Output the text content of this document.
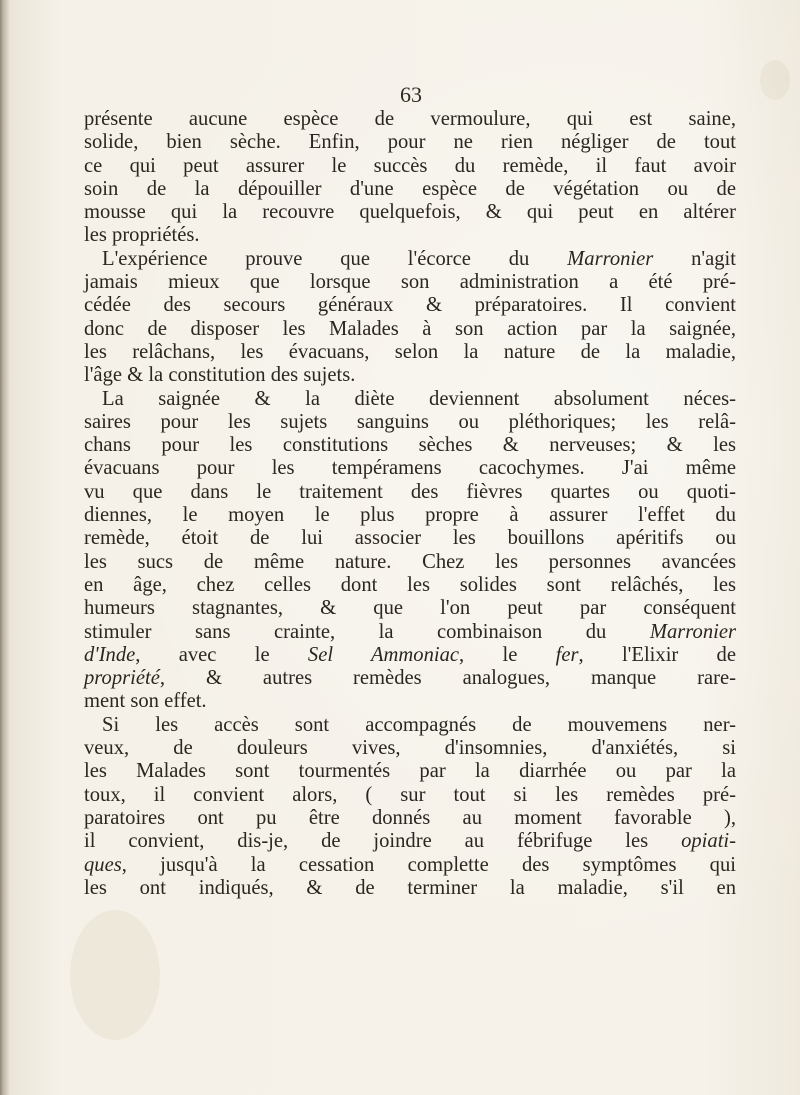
63
présente aucune espèce de vermoulure, qui est saine,
solide, bien sèche. Enfin, pour ne rien négliger de tout
ce qui peut assurer le succès du remède, il faut avoir
soin de la dépouiller d'une espèce de végétation ou de
mousse qui la recouvre quelquefois, & qui peut en altérer
les propriétés.
L'expérience prouve que l'écorce du Marronier n'agit
jamais mieux que lorsque son administration a été pré-
cédée des secours généraux & préparatoires. Il convient
donc de disposer les Malades à son action par la saignée,
les relâchans, les évacuans, selon la nature de la maladie,
l'âge & la constitution des sujets.
La saignée & la diète deviennent absolument néces-
saires pour les sujets sanguins ou pléthoriques; les relâ-
chans pour les constitutions sèches & nerveuses; & les
évacuans pour les tempéramens cacochymes. J'ai même
vu que dans le traitement des fièvres quartes ou quoti-
diennes, le moyen le plus propre à assurer l'effet du
remède, étoit de lui associer les bouillons apéritifs ou
les sucs de même nature. Chez les personnes avancées
en âge, chez celles dont les solides sont relâchés, les
humeurs stagnantes, & que l'on peut par conséquent
stimuler sans crainte, la combinaison du Marronier
d'Inde, avec le Sel Ammoniac, le fer, l'Elixir de
propriété, & autres remèdes analogues, manque rare-
ment son effet.
Si les accès sont accompagnés de mouvemens ner-
veux, de douleurs vives, d'insomnies, d'anxiétés, si
les Malades sont tourmentés par la diarrhée ou par la
toux, il convient alors, ( sur tout si les remèdes pré-
paratoires ont pu être donnés au moment favorable ),
il convient, dis-je, de joindre au fébrifuge les opiati-
ques, jusqu'à la cessation complette des symptômes qui
les ont indiqués, & de terminer la maladie, s'il en
